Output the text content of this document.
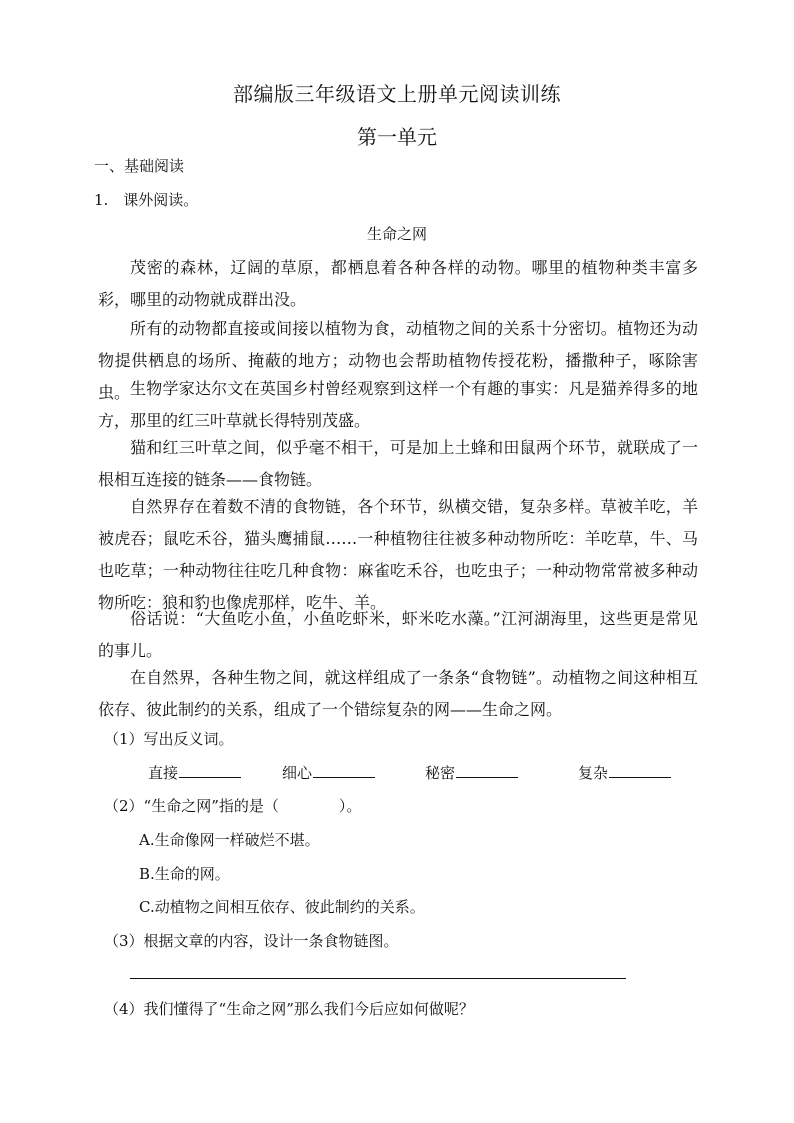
部编版三年级语文上册单元阅读训练
第一单元
一、基础阅读
1.　课外阅读。
生命之网
茂密的森林，辽阔的草原，都栖息着各种各样的动物。哪里的植物种类丰富多彩，哪里的动物就成群出没。
所有的动物都直接或间接以植物为食，动植物之间的关系十分密切。植物还为动物提供栖息的场所、掩蔽的地方；动物也会帮助植物传授花粉，播撒种子，啄除害虫。 生物学家达尔文在英国乡村曾经观察到这样一个有趣的事实：凡是猫养得多的地方，那里的红三叶草就长得特别茂盛。
猫和红三叶草之间，似乎毫不相干，可是加上土蜂和田鼠两个环节，就联成了一根相互连接的链条——食物链。
自然界存在着数不清的食物链，各个环节，纵横交错，复杂多样。草被羊吃，羊被虎吞；鼠吃禾谷，猫头鹰捕鼠……一种植物往往被多种动物所吃：羊吃草，牛、马也吃草；一种动物往往吃几种食物：麻雀吃禾谷，也吃虫子；一种动物常常被多种动物所吃：狼和豹也像虎那样，吃牛、羊。
俗话说：“大鱼吃小鱼，小鱼吃虾米，虾米吃水藻。”江河湖海里，这些更是常见的事儿。
在自然界，各种生物之间，就这样组成了一条条“食物链”。动植物之间这种相互依存、彼此制约的关系，组成了一个错综复杂的网——生命之网。
（1）写出反义词。
直接	细心	秘密	复杂
（2）“生命之网”指的是（　　　　）。
A.生命像网一样破烂不堪。
B.生命的网。
C.动植物之间相互依存、彼此制约的关系。
（3）根据文章的内容，设计一条食物链图。
（4）我们懂得了“生命之网”那么我们今后应如何做呢？
